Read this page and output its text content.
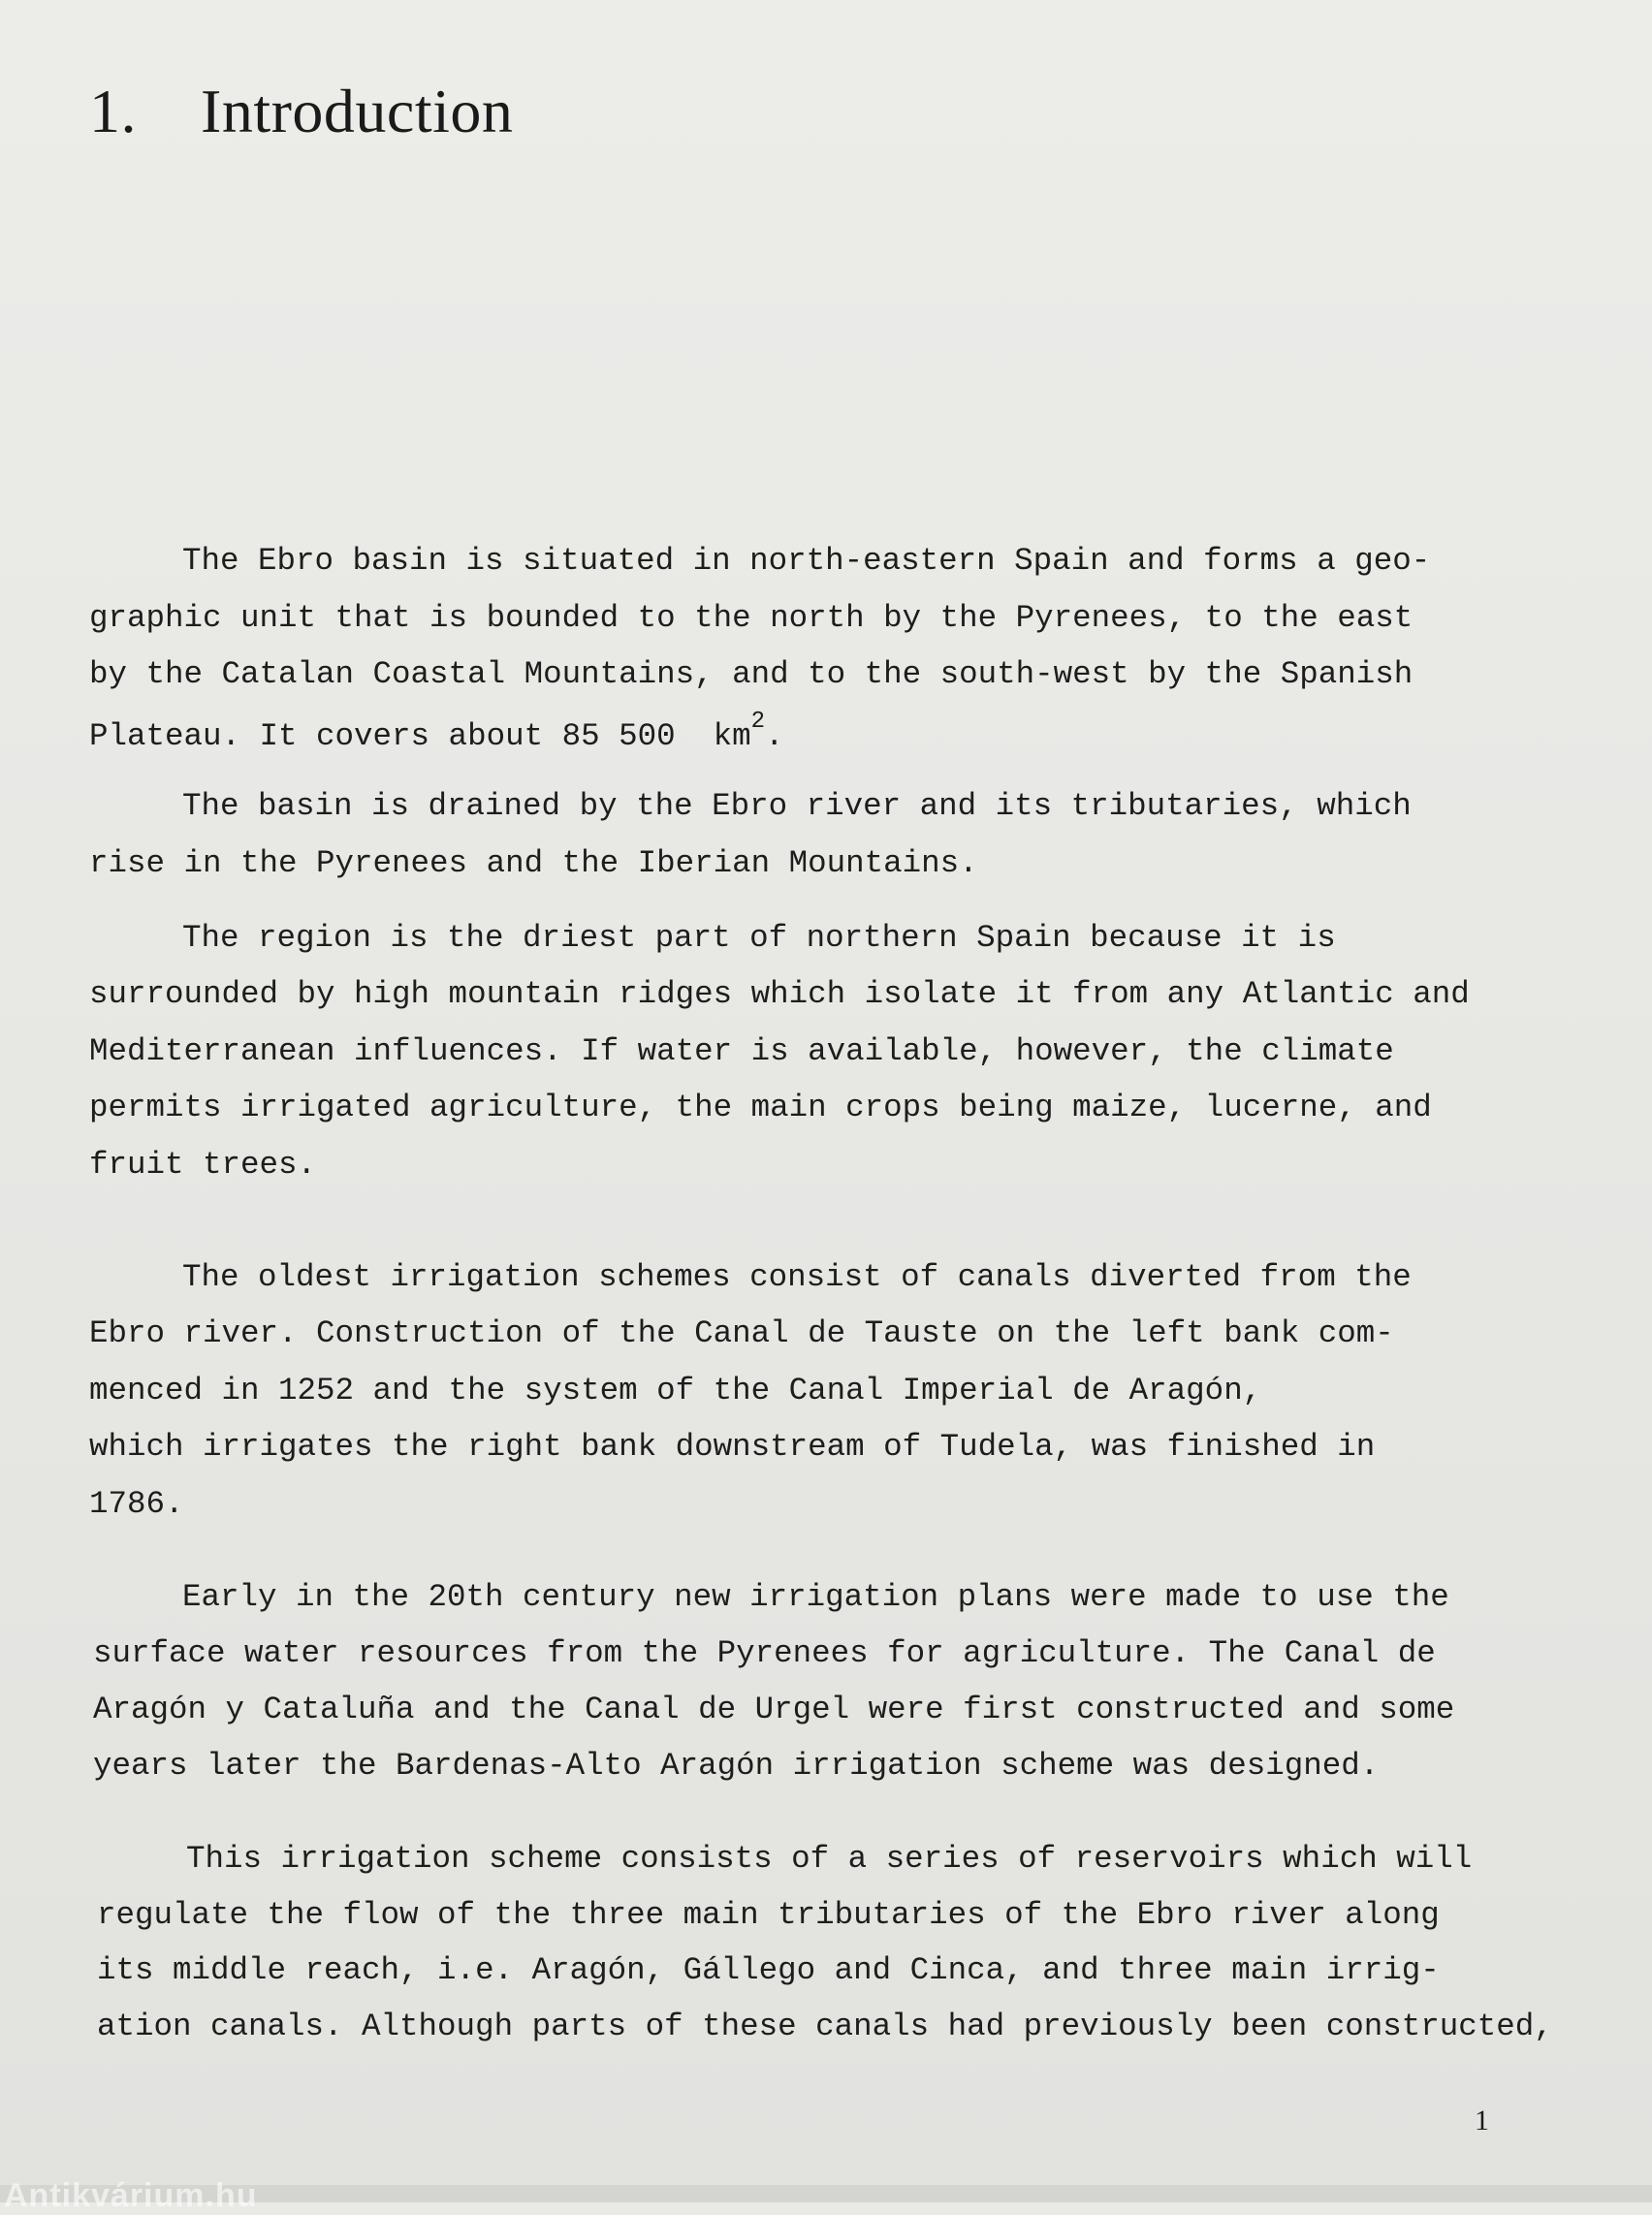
1. Introduction
The Ebro basin is situated in north-eastern Spain and forms a geo-
graphic unit that is bounded to the north by the Pyrenees, to the east
by the Catalan Coastal Mountains, and to the south-west by the Spanish
Plateau. It covers about 85 500  $km^2$.
The basin is drained by the Ebro river and its tributaries, which
rise in the Pyrenees and the Iberian Mountains.
The region is the driest part of northern Spain because it is
surrounded by high mountain ridges which isolate it from any Atlantic and
Mediterranean influences. If water is available, however, the climate
permits irrigated agriculture, the main crops being maize, lucerne, and
fruit trees.
The oldest irrigation schemes consist of canals diverted from the
Ebro river. Construction of the Canal de Tauste on the left bank com-
menced in 1252 and the system of the Canal Imperial de Aragón,
which irrigates the right bank downstream of Tudela, was finished in
1786.
Early in the 20th century new irrigation plans were made to use the
surface water resources from the Pyrenees for agriculture. The Canal de
Aragón y Cataluña and the Canal de Urgel were first constructed and some
years later the Bardenas-Alto Aragón irrigation scheme was designed.
This irrigation scheme consists of a series of reservoirs which will
regulate the flow of the three main tributaries of the Ebro river along
its middle reach, i.e. Aragón, Gállego and Cinca, and three main irrig-
ation canals. Although parts of these canals had previously been constructed,
1
Antikvárium.hu
